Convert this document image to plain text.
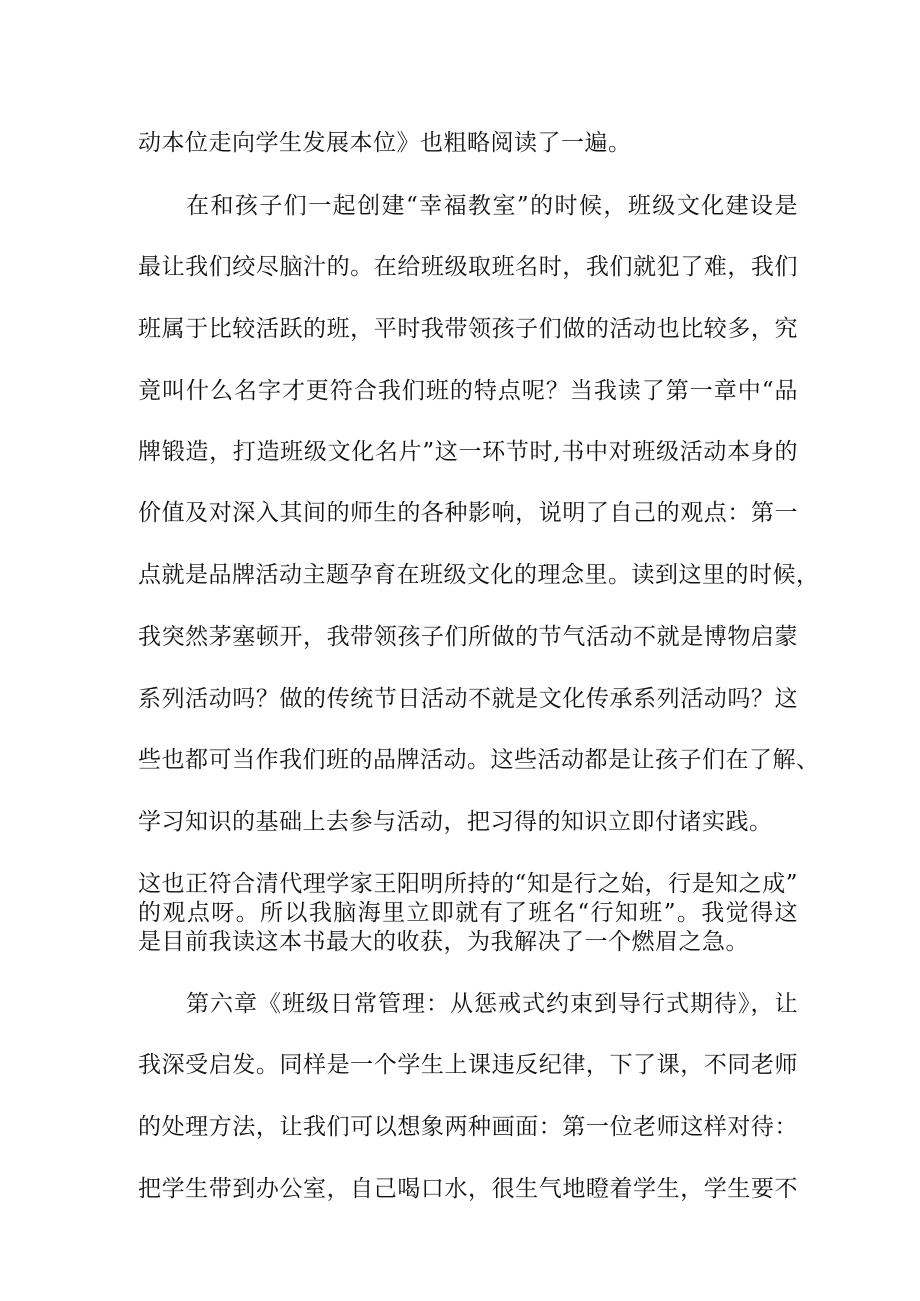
动本位走向学生发展本位》也粗略阅读了一遍。
在和孩子们一起创建“幸福教室”的时候，班级文化建设是
最让我们绞尽脑汁的。在给班级取班名时，我们就犯了难，我们
班属于比较活跃的班，平时我带领孩子们做的活动也比较多，究
竟叫什么名字才更符合我们班的特点呢？当我读了第一章中“品
牌锻造，打造班级文化名片”这一环节时,书中对班级活动本身的
价值及对深入其间的师生的各种影响，说明了自己的观点：第一
点就是品牌活动主题孕育在班级文化的理念里。读到这里的时候，
我突然茅塞顿开，我带领孩子们所做的节气活动不就是博物启蒙
系列活动吗？做的传统节日活动不就是文化传承系列活动吗？这
些也都可当作我们班的品牌活动。这些活动都是让孩子们在了解、
学习知识的基础上去参与活动，把习得的知识立即付诸实践。
这也正符合清代理学家王阳明所持的“知是行之始，行是知之成”
的观点呀。所以我脑海里立即就有了班名“行知班”。我觉得这
是目前我读这本书最大的收获，为我解决了一个燃眉之急。
第六章《班级日常管理：从惩戒式约束到导行式期待》，让
我深受启发。同样是一个学生上课违反纪律，下了课，不同老师
的处理方法，让我们可以想象两种画面：第一位老师这样对待：
把学生带到办公室，自己喝口水，很生气地瞪着学生，学生要不
